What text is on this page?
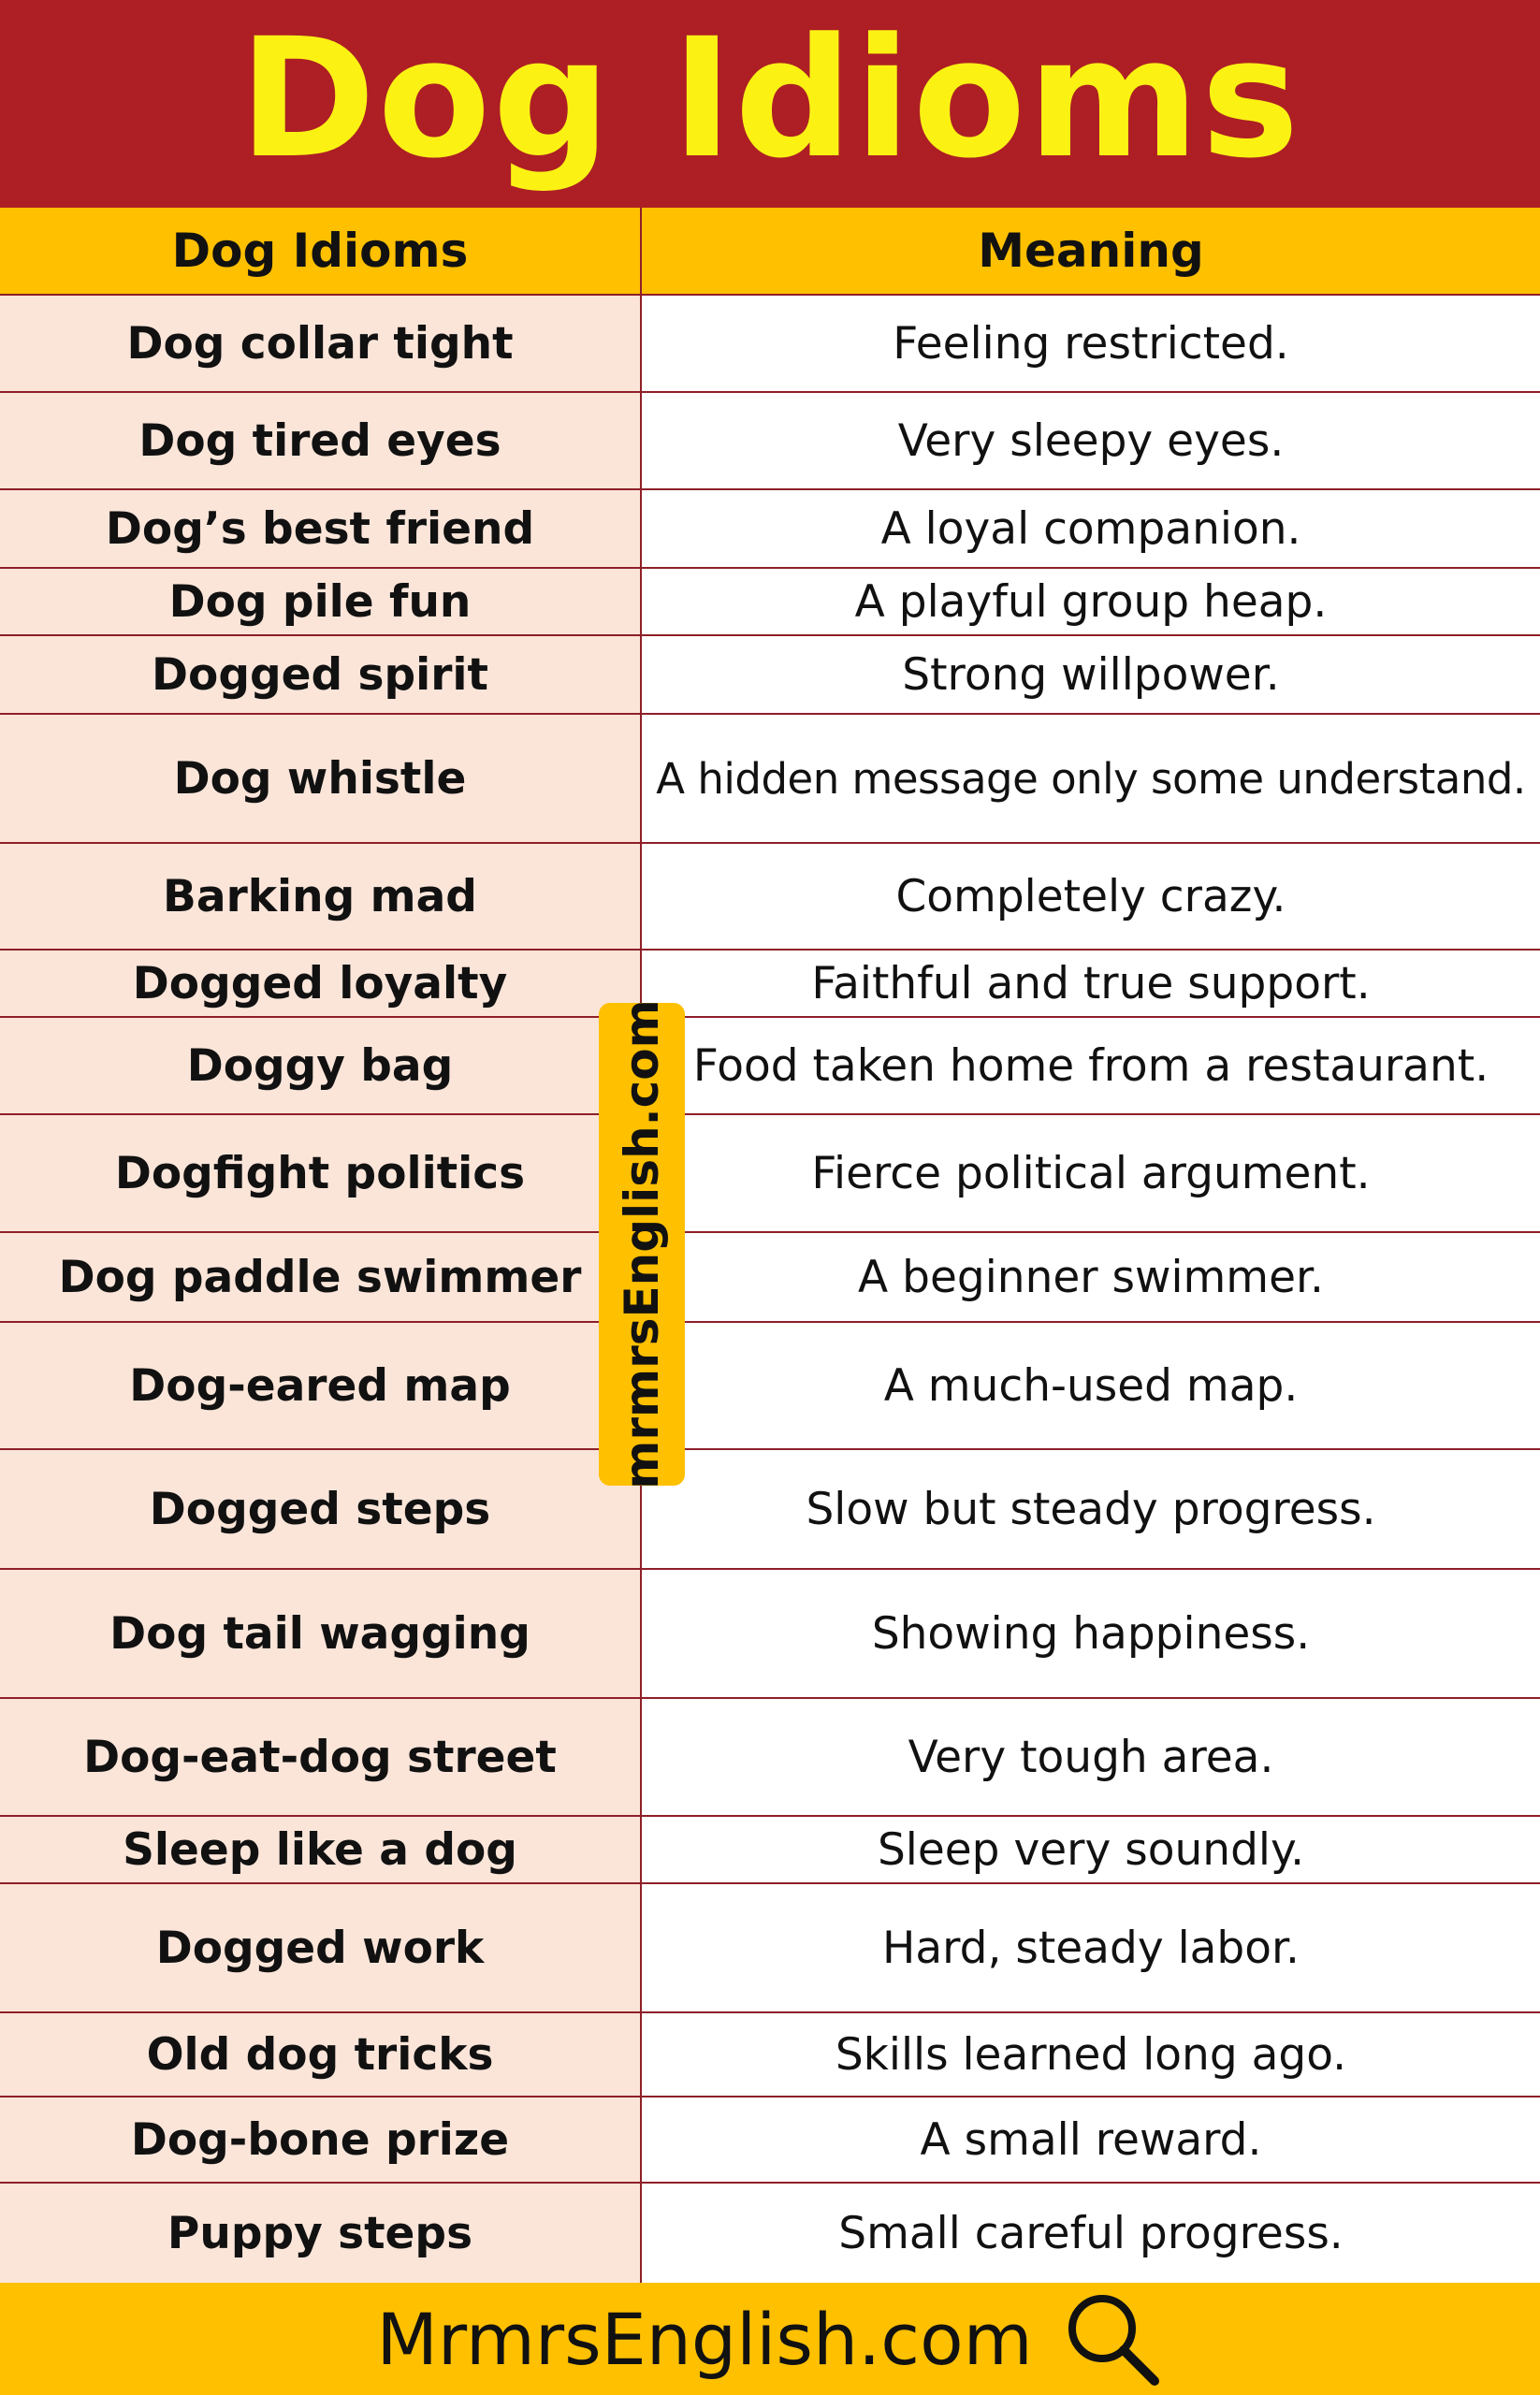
Dog Idioms
Dog Idioms	Meaning
Dog collar tight	Feeling restricted.
Dog tired eyes	Very sleepy eyes.
Dog’s best friend	A loyal companion.
Dog pile fun	A playful group heap.
Dogged spirit	Strong willpower.
Dog whistle	A hidden message only some understand.
Barking mad	Completely crazy.
Dogged loyalty	Faithful and true support.
Doggy bag	Food taken home from a restaurant.
Dogfight politics	Fierce political argument.
Dog paddle swimmer	A beginner swimmer.
Dog-eared map	A much-used map.
Dogged steps	Slow but steady progress.
Dog tail wagging	Showing happiness.
Dog-eat-dog street	Very tough area.
Sleep like a dog	Sleep very soundly.
Dogged work	Hard, steady labor.
Old dog tricks	Skills learned long ago.
Dog-bone prize	A small reward.
Puppy steps	Small careful progress.
mrmrsEnglish.com
MrmrsEnglish.com
